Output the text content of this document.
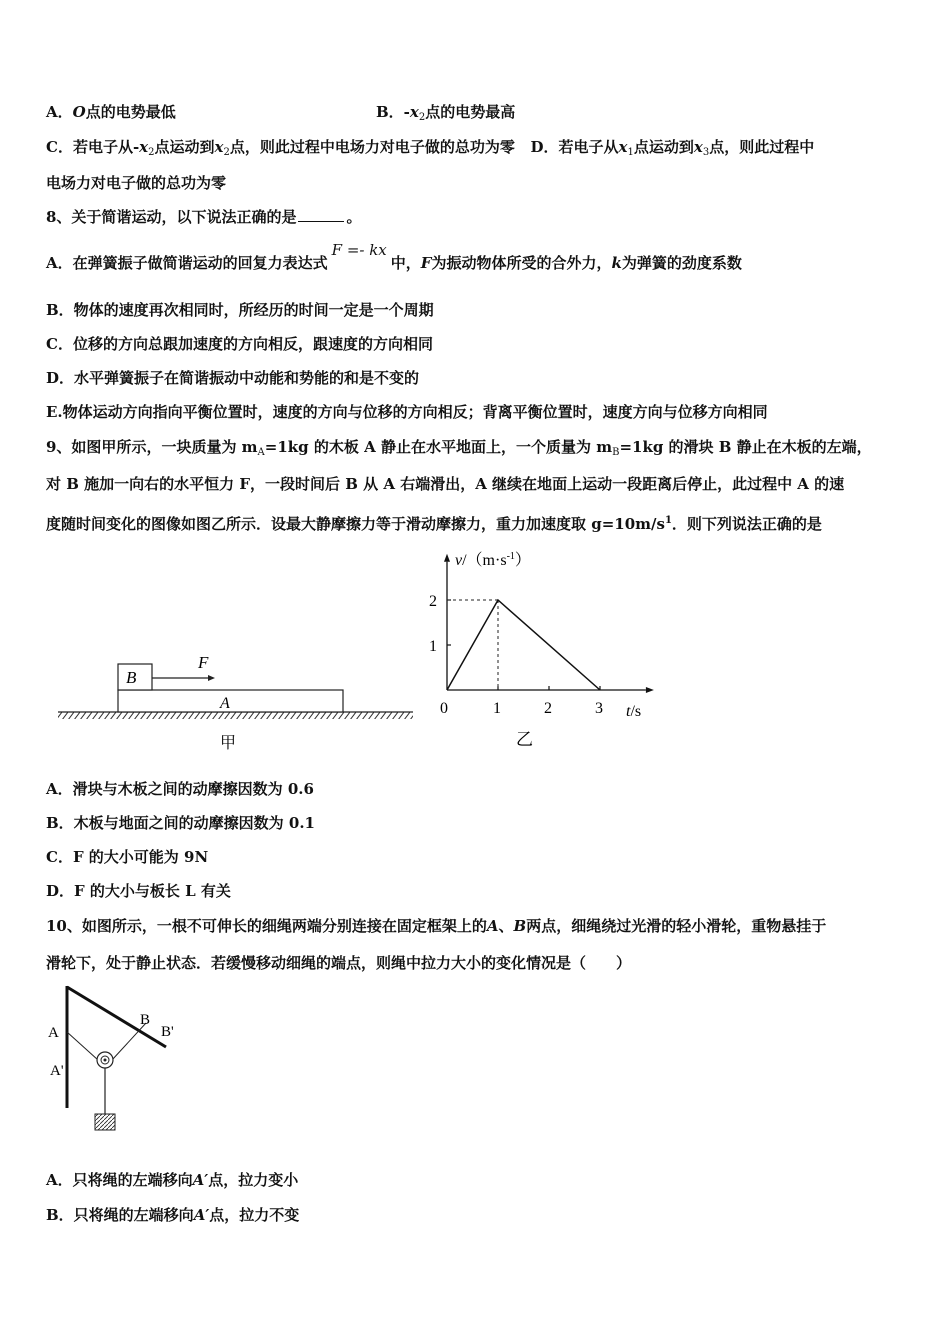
A．O点的电势最低	B．$-x_2$点的电势最高
C．若电子从$-x_2$点运动到$x_2$点，则此过程中电场力对电子做的总功为零 D．若电子从$x_1$点运动到$x_3$点，则此过程中
电场力对电子做的总功为零
8、关于简谐运动，以下说法正确的是	。
A．在弹簧振子做简谐运动的回复力表达式F =- kx中，F为振动物体所受的合外力，k为弹簧的劲度系数
B．物体的速度再次相同时，所经历的时间一定是一个周期
C．位移的方向总跟加速度的方向相反，跟速度的方向相同
D．水平弹簧振子在简谐振动中动能和势能的和是不变的
E.物体运动方向指向平衡位置时，速度的方向与位移的方向相反；背离平衡位置时，速度方向与位移方向相同
9、如图甲所示，一块质量为 $m_A=1kg$ 的木板 A 静止在水平地面上，一个质量为 $m_B=1kg$ 的滑块 B 静止在木板的左端，
对 B 施加一向右的水平恒力 F，一段时间后 B 从 A 右端滑出，A 继续在地面上运动一段距离后停止，此过程中 A 的速
度随时间变化的图像如图乙所示．设最大静摩擦力等于滑动摩擦力，重力加速度取 $g=10m/s^1$．则下列说法正确的是
B
F
A
甲
$v/(m\cdot s^{-1})$
t/s
0
乙
1	2	3
1
2
A．滑块与木板之间的动摩擦因数为 0.6
B．木板与地面之间的动摩擦因数为 0.1
C．F 的大小可能为 9N
D．F 的大小与板长 L 有关
10、如图所示，一根不可伸长的细绳两端分别连接在固定框架上的A、B两点，细绳绕过光滑的轻小滑轮，重物悬挂于
滑轮下，处于静止状态．若缓慢移动细绳的端点，则绳中拉力大小的变化情况是（　　）
A
A'
B
B'
A．只将绳的左端移向A′点，拉力变小
B．只将绳的左端移向A′点，拉力不变
